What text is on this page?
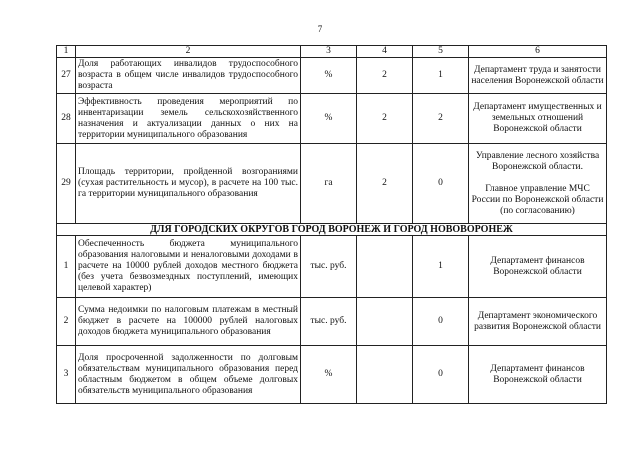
7
1	2	3	4	5	6
27	Доля работающих инвалидов трудоспособного возраста в общем числе инвалидов трудоспособного возраста	%	2	1	Департамент труда и занятости населения Воронежской области

28	Эффективность проведения мероприятий по инвентаризации земель сельскохозяйственного назначения и актуализации данных о них на территории муниципального образования	%	2	2	Департамент имущественных и земельных отношений Воронежской области

29	Площадь территории, пройденной возгораниями (сухая растительность и мусор), в расчете на 100 тыс. га территории муниципального образования	га	2	0	Управление лесного хозяйства Воронежской области.
Главное управление МЧС России по Воронежской области (по согласованию)

ДЛЯ ГОРОДСКИХ ОКРУГОВ ГОРОД ВОРОНЕЖ И ГОРОД НОВОВОРОНЕЖ					
1	Обеспеченность бюджета муниципального образования налоговыми и неналоговыми доходами в расчете на 10000 рублей доходов местного бюджета (без учета безвозмездных поступлений, имеющих целевой характер)	тыс. руб.		1	Департамент финансов Воронежской области

2	Сумма недоимки по налоговым платежам в местный бюджет в расчете на 100000 рублей налоговых доходов бюджета муниципального образования	тыс. руб.		0	Департамент экономического развития Воронежской области

3	Доля просроченной задолженности по долговым обязательствам муниципального образования перед областным бюджетом в общем объеме долговых обязательств муниципального образования	%		0	Департамент финансов Воронежской области
